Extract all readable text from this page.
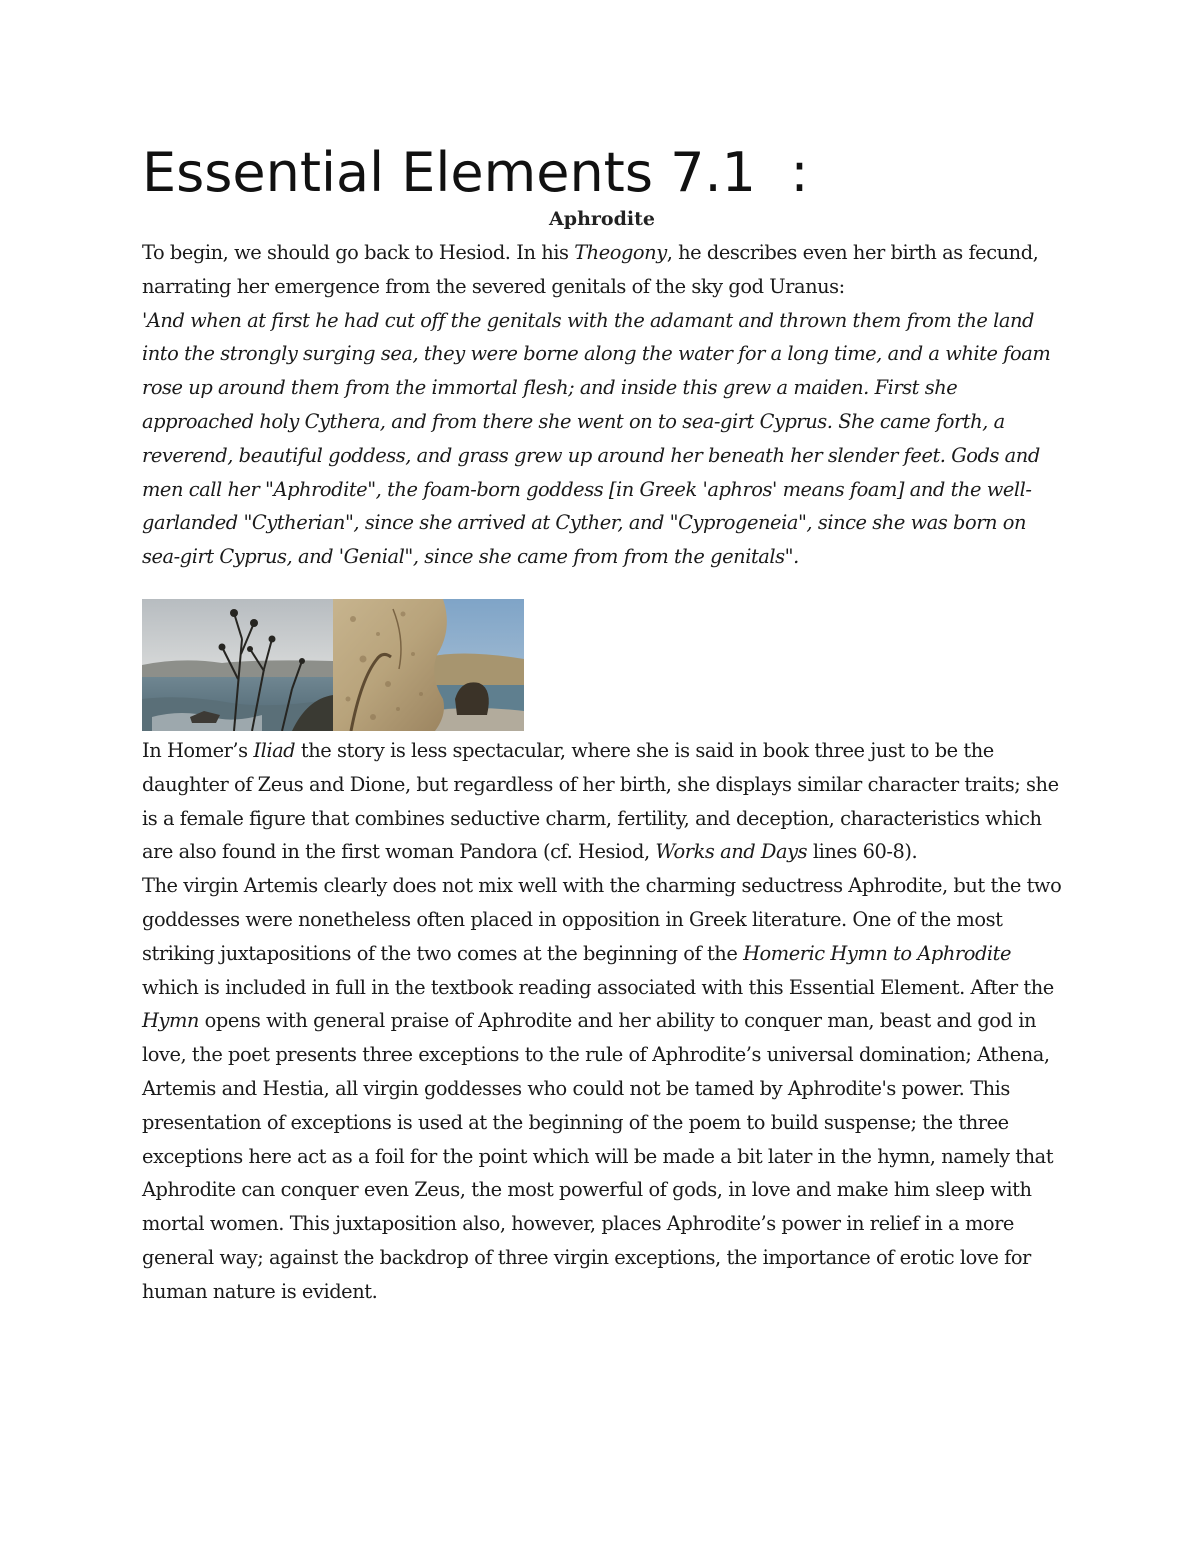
Essential Elements 7.1  :

Aphrodite

To begin, we should go back to Hesiod. In his Theogony, he describes even her birth as fecund, narrating her emergence from the severed genitals of the sky god Uranus:

'And when at first he had cut off the genitals with the adamant and thrown them from the land into the strongly surging sea, they were borne along the water for a long time, and a white foam rose up around them from the immortal flesh; and inside this grew a maiden. First she approached holy Cythera, and from there she went on to sea-girt Cyprus. She came forth, a reverend, beautiful goddess, and grass grew up around her beneath her slender feet. Gods and men call her "Aphrodite", the foam-born goddess [in Greek 'aphros' means foam] and the well-garlanded "Cytherian", since she arrived at Cyther, and "Cyprogeneia", since she was born on sea-girt Cyprus, and 'Genial", since she came from from the genitals".

In Homer’s Iliad the story is less spectacular, where she is said in book three just to be the daughter of Zeus and Dione, but regardless of her birth, she displays similar character traits; she is a female figure that combines seductive charm, fertility, and deception, characteristics which are also found in the first woman Pandora (cf. Hesiod, Works and Days lines 60-8).

The virgin Artemis clearly does not mix well with the charming seductress Aphrodite, but the two goddesses were nonetheless often placed in opposition in Greek literature. One of the most striking juxtapositions of the two comes at the beginning of the Homeric Hymn to Aphrodite which is included in full in the textbook reading associated with this Essential Element. After the Hymn opens with general praise of Aphrodite and her ability to conquer man, beast and god in love, the poet presents three exceptions to the rule of Aphrodite’s universal domination; Athena, Artemis and Hestia, all virgin goddesses who could not be tamed by Aphrodite's power. This presentation of exceptions is used at the beginning of the poem to build suspense; the three exceptions here act as a foil for the point which will be made a bit later in the hymn, namely that Aphrodite can conquer even Zeus, the most powerful of gods, in love and make him sleep with mortal women. This juxtaposition also, however, places Aphrodite’s power in relief in a more general way; against the backdrop of three virgin exceptions, the importance of erotic love for human nature is evident.
